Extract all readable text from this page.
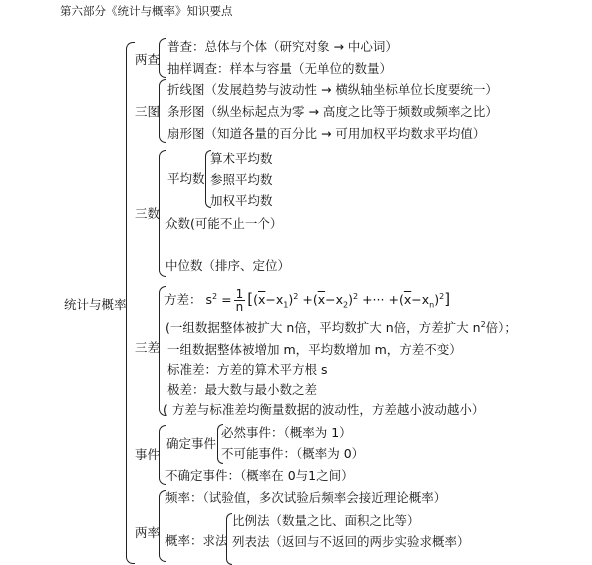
第六部分《统计与概率》知识要点
统计与概率
两查
普查：总体与个体（研究对象 → 中心词）
抽样调查：样本与容量（无单位的数量）
三图
折线图（发展趋势与波动性 → 横纵轴坐标单位长度要统一）
条形图（纵坐标起点为零 → 高度之比等于频数或频率之比）
扇形图（知道各量的百分比 → 可用加权平均数求平均值）
三数
平均数
算术平均数
参照平均数
加权平均数
众数(可能不止一个）
中位数（排序、定位）
三差
方差： $s^2 = \frac{1}{n} [(\overline{x}-x_1)^2 +(\overline{x}-x_2)^2$ +··· $+(\overline{x}-x_n)^2$]
(一组数据整体被扩大 n倍，平均数扩大 n倍，方差扩大 $n^2$倍）；
一组数据整体被增加 m，平均数增加 m，方差不变）
标准差：方差的算术平方根 s
极差：最大数与最小数之差
( 方差与标准差均衡量数据的波动性，方差越小波动越小）
事件
确定事件
必然事件：（概率为 1）
不可能事件：（概率为 0）
不确定事件：（概率在 0与1之间）
两率
频率：（试验值，多次试验后频率会接近理论概率）
概率：求法
比例法（数量之比、面积之比等）
列表法（返回与不返回的两步实验求概率）
